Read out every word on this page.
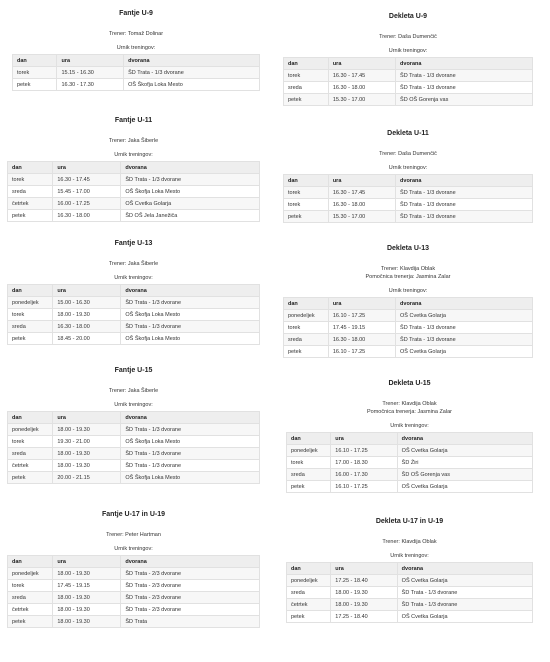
Fantje U-9

Trener: Tomaž Dolinar

Urnik treningov:

dan	ura	dvorana
torek	15.15 - 16.30	ŠD Trata - 1/3 dvorane
petek	16.30 - 17.30	OŠ Škofja Loka Mesto
Fantje U-11

Trener: Jaka Šiberle

Urnik treningov:

dan	ura	dvorana
torek	16.30 - 17.45	ŠD Trata - 1/3 dvorane
sreda	15.45 - 17.00	OŠ Škofja Loka Mesto
četrtek	16.00 - 17.25	OŠ Cvetka Golarja
petek	16.30 - 18.00	ŠD OŠ Jela Janežiča
Fantje U-13

Trener: Jaka Šiberle

Urnik treningov:

dan	ura	dvorana
ponedeljek	15.00 - 16.30	ŠD Trata - 1/3 dvorane
torek	18.00 - 19.30	OŠ Škofja Loka Mesto
sreda	16.30 - 18.00	ŠD Trata - 1/3 dvorane
petek	18.45 - 20.00	OŠ Škofja Loka Mesto
Fantje U-15

Trener: Jaka Šiberle

Urnik treningov:

dan	ura	dvorana
ponedeljek	18.00 - 19.30	ŠD Trata - 1/3 dvorane
torek	19.30 - 21.00	OŠ Škofja Loka Mesto
sreda	18.00 - 19.30	ŠD Trata - 1/3 dvorane
četrtek	18.00 - 19.30	ŠD Trata - 1/3 dvorane
petek	20.00 - 21.15	OŠ Škofja Loka Mesto
Fantje U-17 in U-19

Trener: Peter Hartman

Urnik treningov:

dan	ura	dvorana
ponedeljek	18.00 - 19.30	ŠD Trata - 2/3 dvorane
torek	17.45 - 19.15	ŠD Trata - 2/3 dvorane
sreda	18.00 - 19.30	ŠD Trata - 2/3 dvorane
četrtek	18.00 - 19.30	ŠD Trata - 2/3 dvorane
petek	18.00 - 19.30	ŠD Trata
Dekleta U-9

Trener: Daša Dumenčič

Urnik treningov:

dan	ura	dvorana
torek	16.30 - 17.45	ŠD Trata - 1/3 dvorane
sreda	16.30 - 18.00	ŠD Trata - 1/3 dvorane
petek	15.30 - 17.00	ŠD OŠ Gorenja vas
Dekleta U-11

Trener: Daša Dumenčič

Urnik treningov:

dan	ura	dvorana
torek	16.30 - 17.45	ŠD Trata - 1/3 dvorane
torek	16.30 - 18.00	ŠD Trata - 1/3 dvorane
petek	15.30 - 17.00	ŠD Trata - 1/3 dvorane
Dekleta U-13

Trener: Klavdija Oblak

Pomočnica trenerja: Jasmina Zalar

Urnik treningov:

dan	ura	dvorana
ponedeljek	16.10 - 17.25	OŠ Cvetka Golarja
torek	17.45 - 19.15	ŠD Trata - 1/3 dvorane
sreda	16.30 - 18.00	ŠD Trata - 1/3 dvorane
petek	16.10 - 17.25	OŠ Cvetka Golarja
Dekleta U-15

Trener: Klavdija Oblak

Pomočnica trenerja: Jasmina Zalar

Urnik treningov:

dan	ura	dvorana
ponedeljek	16.10 - 17.25	OŠ Cvetka Golarja
torek	17.00 - 18.30	ŠD Žiri
sreda	16.00 - 17.30	ŠD OŠ Gorenja vas
petek	16.10 - 17.25	OŠ Cvetka Golarja
Dekleta U-17 in U-19

Trener: Klavdija Oblak

Urnik treningov:

dan	ura	dvorana
ponedeljek	17.25 - 18.40	OŠ Cvetka Golarja
sreda	18.00 - 19.30	ŠD Trata - 1/3 dvorane
četrtek	18.00 - 19.30	ŠD Trata - 1/3 dvorane
petek	17.25 - 18.40	OŠ Cvetka Golarja
